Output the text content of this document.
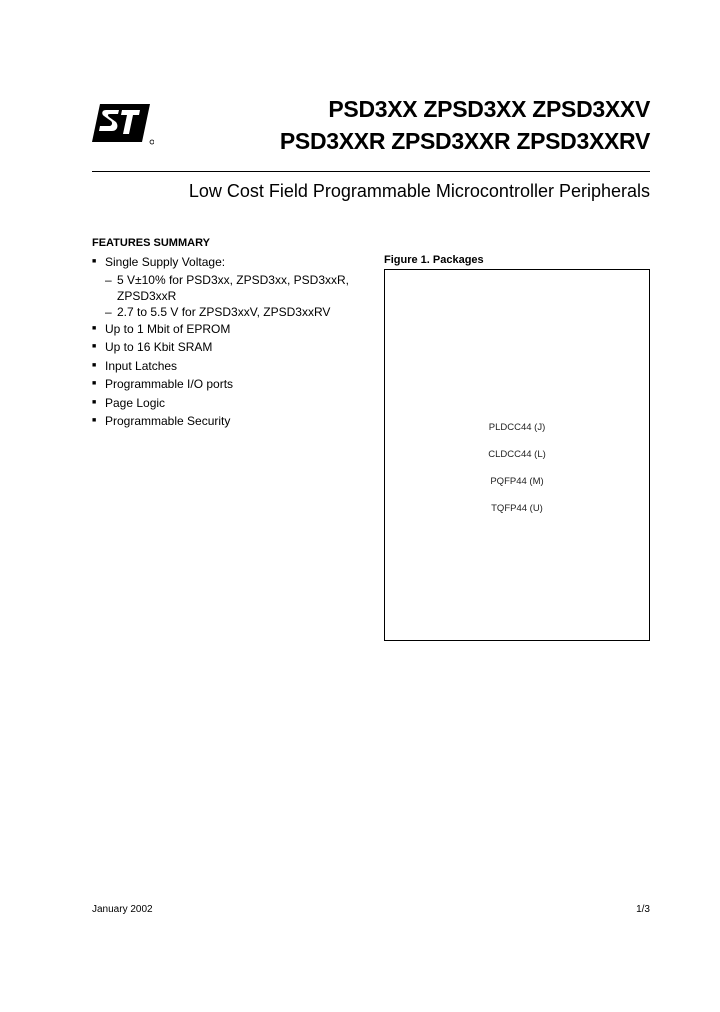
PSD3XX ZPSD3XX ZPSD3XXV
PSD3XXR ZPSD3XXR ZPSD3XXRV
Low Cost Field Programmable Microcontroller Peripherals
FEATURES SUMMARY
■ Single Supply Voltage:
– 5 V±10% for PSD3xx, ZPSD3xx, PSD3xxR, ZPSD3xxR
– 2.7 to 5.5 V for ZPSD3xxV, ZPSD3xxRV
■ Up to 1 Mbit of EPROM
■ Up to 16 Kbit SRAM
■ Input Latches
■ Programmable I/O ports
■ Page Logic
■ Programmable Security
Figure 1. Packages
PLDCC44 (J)
CLDCC44 (L)
PQFP44 (M)
TQFP44 (U)
January 2002	1/3
